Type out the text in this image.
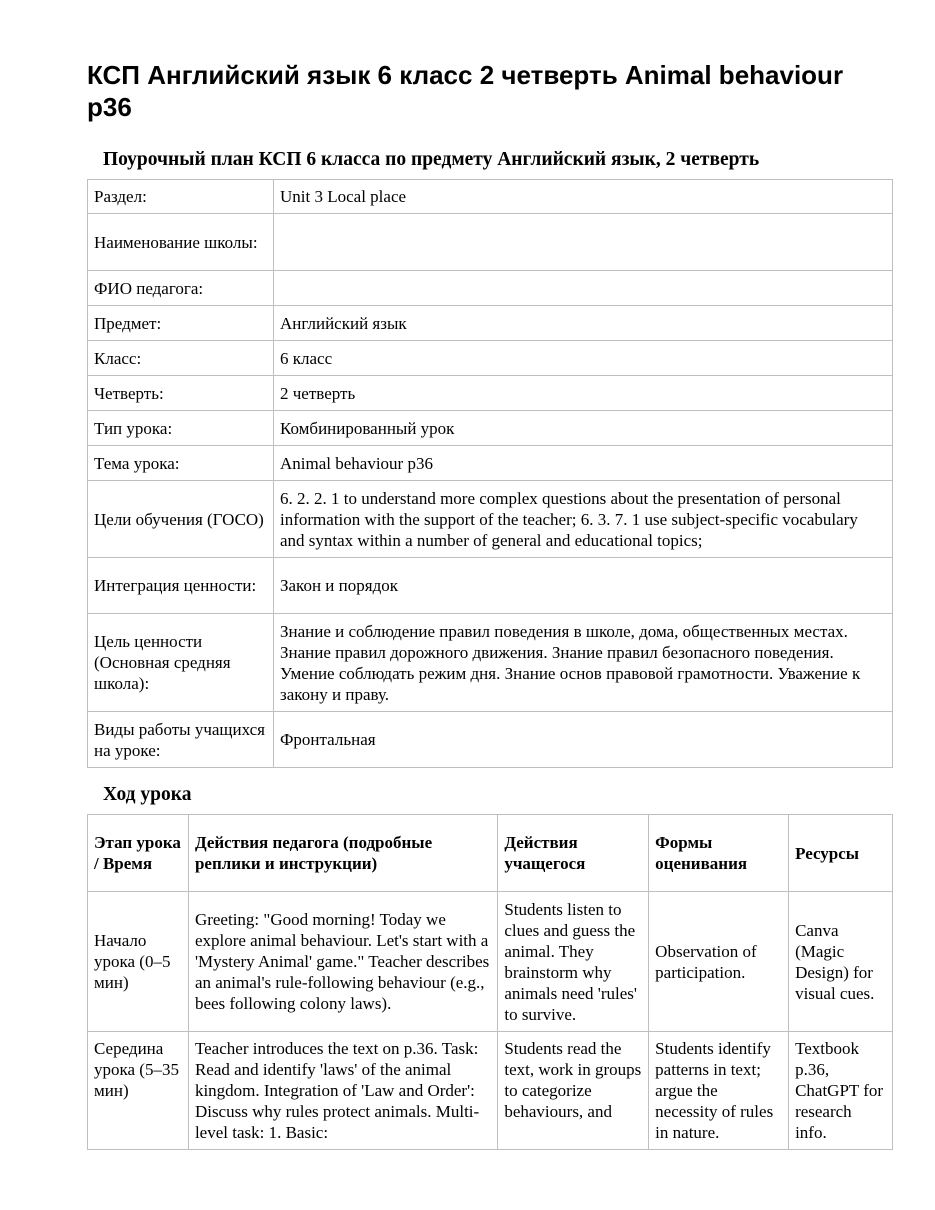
КСП Английский язык 6 класс 2 четверть Animal behaviour p36
Поурочный план КСП 6 класса по предмету Английский язык, 2 четверть
Раздел:	Unit 3 Local place
Наименование школы:	
ФИО педагога:	
Предмет:	Английский язык
Класс:	6 класс
Четверть:	2 четверть
Тип урока:	Комбинированный урок
Тема урока:	Animal behaviour p36
Цели обучения (ГОСО)	6. 2. 2. 1 to understand more complex questions about the presentation of personal information with the support of the teacher; 6. 3. 7. 1 use subject-specific vocabulary and syntax within a number of general and educational topics;
Интеграция ценности:	Закон и порядок
Цель ценности (Основная средняя школа):	Знание и соблюдение правил поведения в школе, дома, общественных местах. Знание правил дорожного движения. Знание правил безопасного поведения. Умение соблюдать режим дня. Знание основ правовой грамотности. Уважение к закону и праву.
Виды работы учащихся на уроке:	Фронтальная
Ход урока
Этап урока / Время	Действия педагога (подробные реплики и инструкции)	Действия учащегося	Формы оценивания	Ресурсы
Начало урока (0–5 мин)	Greeting: "Good morning! Today we explore animal behaviour. Let's start with a 'Mystery Animal' game." Teacher describes an animal's rule-following behaviour (e.g., bees following colony laws).	Students listen to clues and guess the animal. They brainstorm why animals need 'rules' to survive.	Observation of participation.	Canva (Magic Design) for visual cues.
Середина урока (5–35 мин)	Teacher introduces the text on p.36. Task: Read and identify 'laws' of the animal kingdom. Integration of 'Law and Order': Discuss why rules protect animals. Multi-level task: 1. Basic:	Students read the text, work in groups to categorize behaviours, and	Students identify patterns in text; argue the necessity of rules in nature.	Textbook p.36, ChatGPT for research info.
